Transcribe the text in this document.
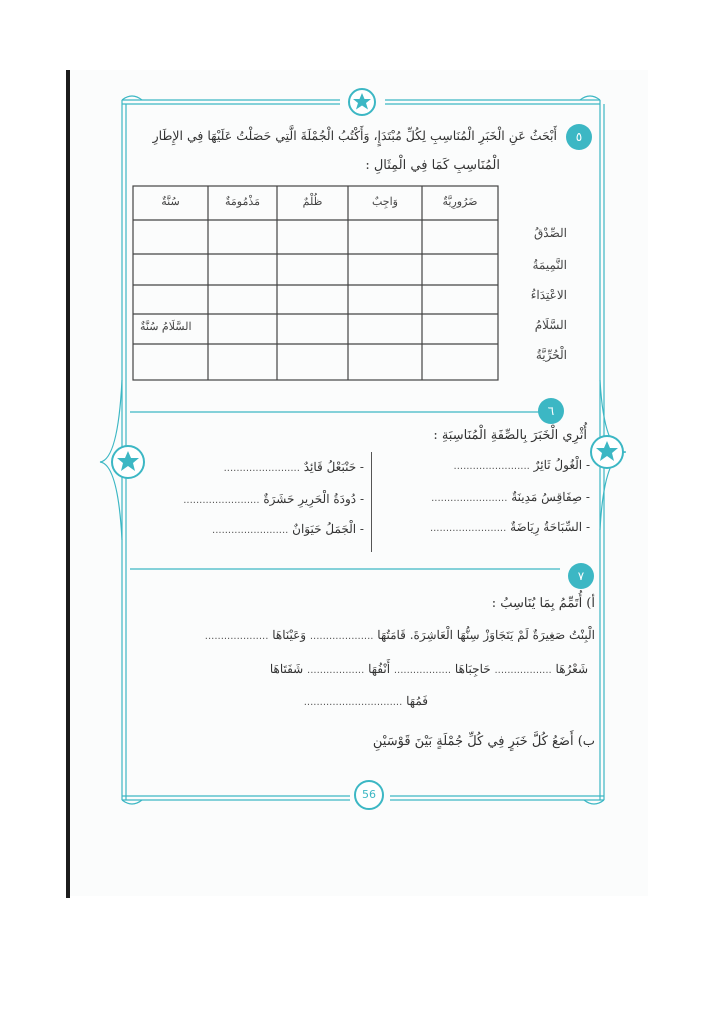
٥
أَبْحَثُ عَنِ الْخَبَرِ الْمُنَاسِبِ لِكُلِّ مُبْتَدَإٍ، وَأَكْتُبُ الْجُمْلَةَ الَّتِي حَصَلْتُ عَلَيْهَا فِي الإِطَارِ
الْمُنَاسِبِ كَمَا فِي الْمِثَالِ :
ضَرُورِيَّةٌ
وَاجِبٌ
ظُلْمٌ
مَذْمُومَةٌ
سُنَّةٌ
الصِّدْقُ
النَّمِيمَةُ
الاعْتِدَاءُ
السَّلَامُ
الْحُرِّيَّةُ
السَّلَامُ سُنَّةٌ
٦
أُثْرِي الْخَبَرَ بِالصِّفَةِ الْمُنَاسِبَةِ :
- الْغُولُ ثَائِرٌ ........................
- صِفَاقِسُ مَدِينَةٌ ........................
- السِّبَاحَةُ رِيَاضَةٌ ........................
- حَنْبَعْلُ قَائِدٌ ........................
- دُودَةُ الْحَرِيرِ حَشَرَةٌ ........................
- الْجَمَلُ حَيَوَانٌ ........................
٧
أ) أُتَمِّمُ بِمَا يُنَاسِبُ :
الْبِنْتُ صَغِيرَةٌ لَمْ يَتَجَاوَزْ سِنُّهَا الْعَاشِرَةَ. قَامَتُهَا .................... وَعَيْنَاهَا ....................
شَعْرُهَا .................. حَاجِبَاهَا .................. أَنْفُهَا .................. شَفَتَاهَا
فَمُهَا ...............................
ب) أَضَعُ كُلَّ خَبَرٍ فِي كُلِّ جُمْلَةٍ بَيْنَ قَوْسَيْنِ
56
